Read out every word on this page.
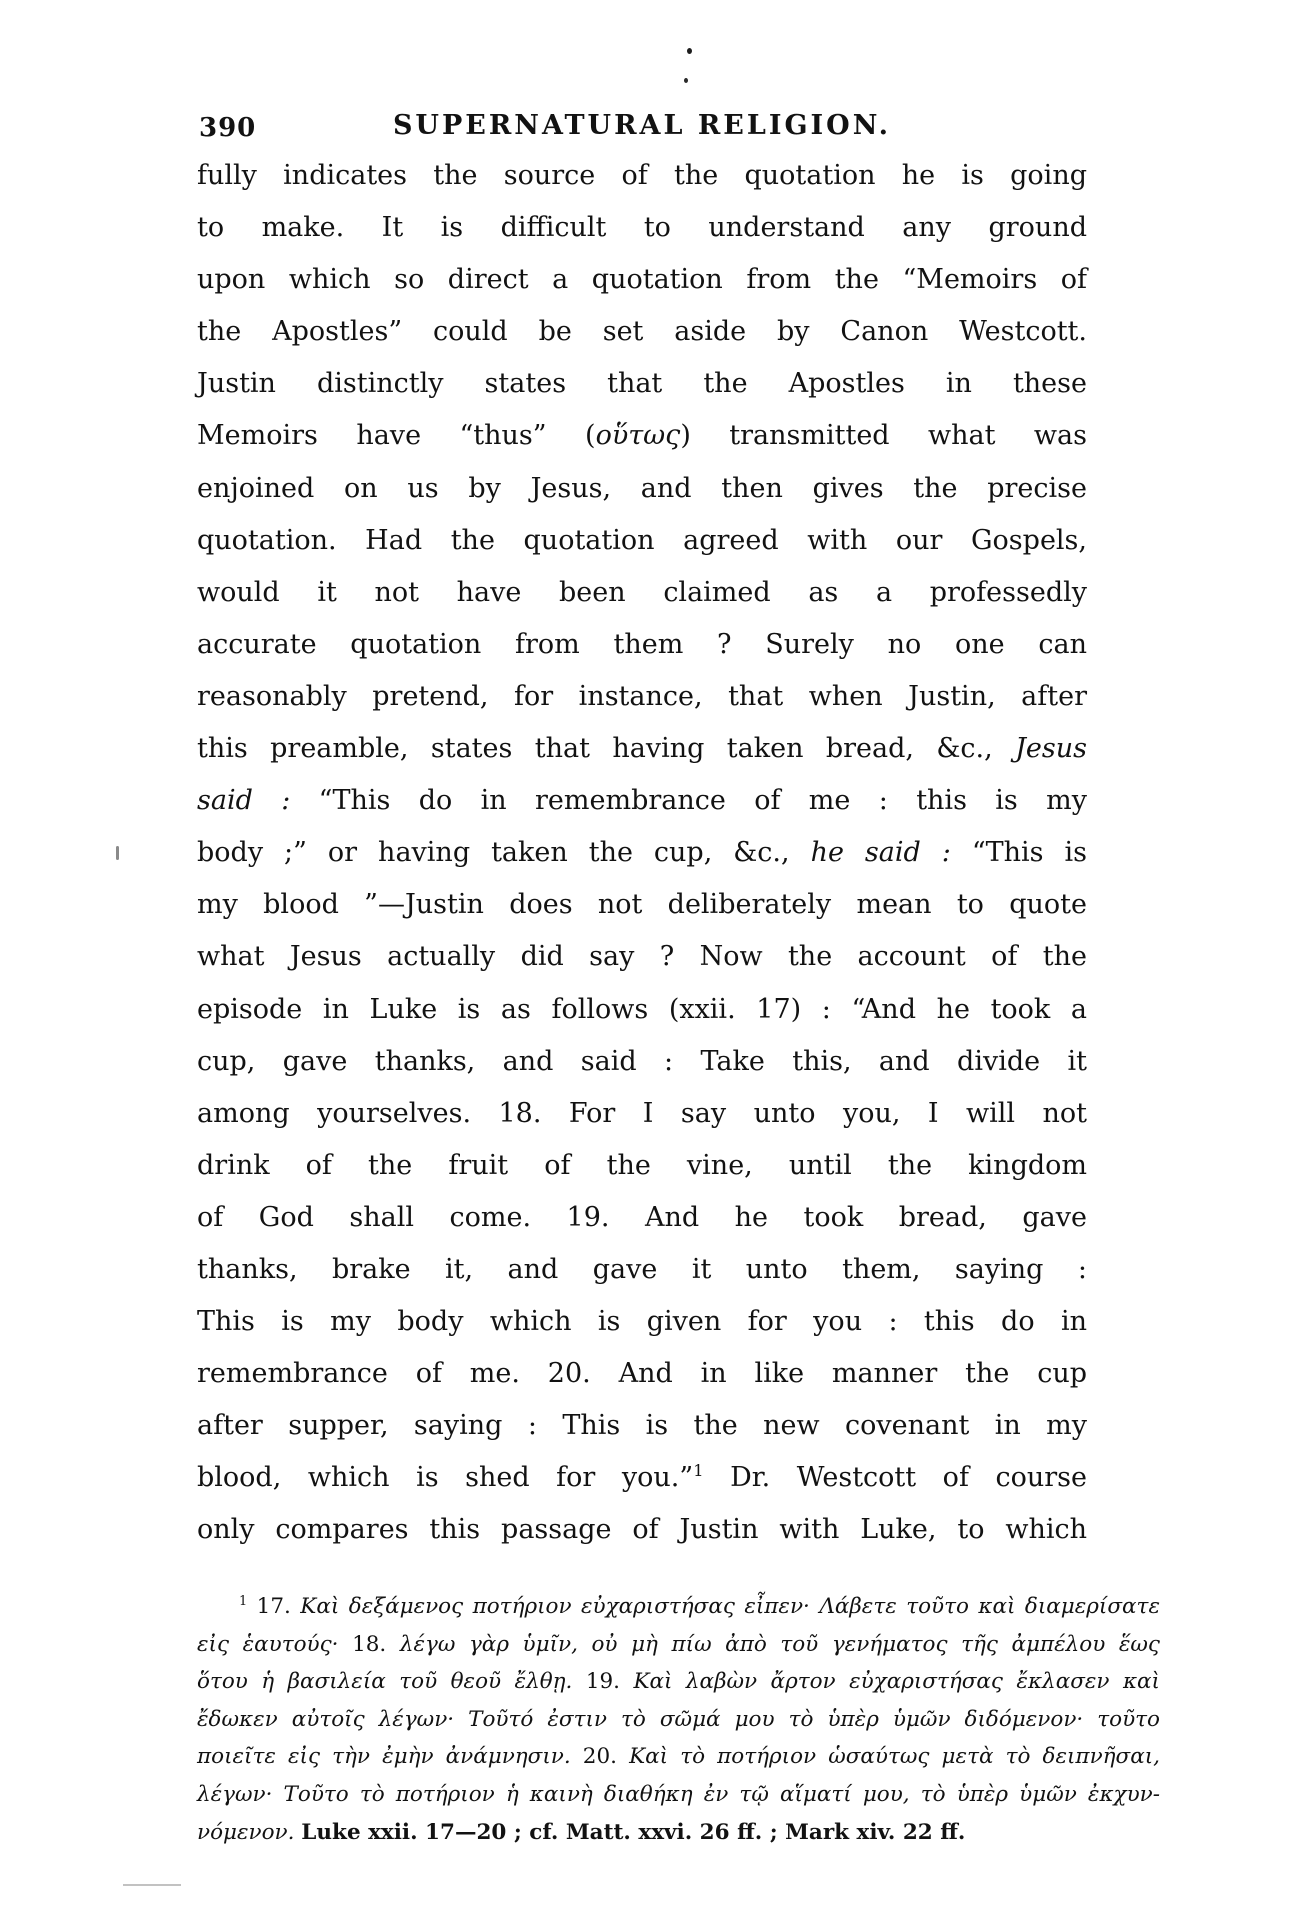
390	SUPERNATURAL RELIGION.
fully indicates the source of the quotation he is going
to make. It is difficult to understand any ground
upon which so direct a quotation from the “Memoirs of
the Apostles” could be set aside by Canon Westcott.
Justin distinctly states that the Apostles in these
Memoirs have “thus” (οὕτως) transmitted what was
enjoined on us by Jesus, and then gives the precise
quotation. Had the quotation agreed with our Gospels,
would it not have been claimed as a professedly
accurate quotation from them ? Surely no one can
reasonably pretend, for instance, that when Justin, after
this preamble, states that having taken bread, &c., Jesus
said : “This do in remembrance of me : this is my
body ;” or having taken the cup, &c., he said : “This is
my blood ”—Justin does not deliberately mean to quote
what Jesus actually did say ? Now the account of the
episode in Luke is as follows (xxii. 17) : “And he took a
cup, gave thanks, and said : Take this, and divide it
among yourselves. 18. For I say unto you, I will not
drink of the fruit of the vine, until the kingdom
of God shall come. 19. And he took bread, gave
thanks, brake it, and gave it unto them, saying :
This is my body which is given for you : this do in
remembrance of me. 20. And in like manner the cup
after supper, saying : This is the new covenant in my
blood, which is shed for you.”$^1$ Dr. Westcott of course
only compares this passage of Justin with Luke, to which
$^1$ 17. Καὶ δεξάμενος ποτήριον εὐχαριστήσας εἶπεν· Λάβετε τοῦτο καὶ διαμερίσατε
εἰς ἑαυτούς· 18. λέγω γὰρ ὑμῖν, οὐ μὴ πίω ἀπὸ τοῦ γενήματος τῆς ἀμπέλου ἕως
ὅτου ἡ βασιλεία τοῦ θεοῦ ἔλθῃ. 19. Καὶ λαβὼν ἄρτον εὐχαριστήσας ἔκλασεν καὶ
ἔδωκεν αὐτοῖς λέγων· Τοῦτό ἐστιν τὸ σῶμά μου τὸ ὑπὲρ ὑμῶν διδόμενον· τοῦτο
ποιεῖτε εἰς τὴν ἐμὴν ἀνάμνησιν. 20. Καὶ τὸ ποτήριον ὡσαύτως μετὰ τὸ δειπνῆσαι,
λέγων· Τοῦτο τὸ ποτήριον ἡ καινὴ διαθήκη ἐν τῷ αἵματί μου, τὸ ὑπὲρ ὑμῶν ἐκχυν-
νόμενον. Luke xxii. 17—20 ; cf. Matt. xxvi. 26 ff. ; Mark xiv. 22 ff.
